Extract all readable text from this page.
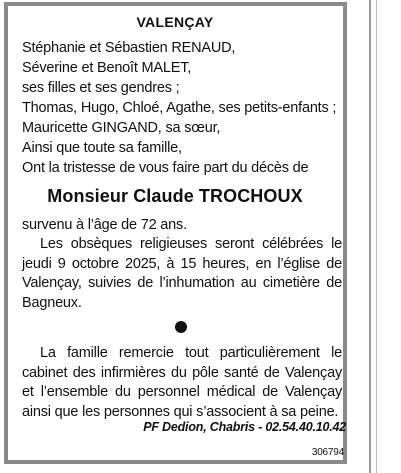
VALENÇAY
Stéphanie et Sébastien RENAUD,
Séverine et Benoît MALET,
ses filles et ses gendres ;
Thomas, Hugo, Chloé, Agathe, ses petits-enfants ;
Mauricette GINGAND, sa sœur,
Ainsi que toute sa famille,
Ont la tristesse de vous faire part du décès de
Monsieur Claude TROCHOUX
survenu à l’âge de 72 ans.
Les obsèques religieuses seront célébrées le jeudi 9 octobre 2025, à 15 heures, en l’église de Valençay, suivies de l’inhumation au cimetière de Bagneux.
La famille remercie tout particulièrement le cabinet des infirmières du pôle santé de Valençay et l’ensemble du personnel médical de Valençay ainsi que les personnes qui s’associent à sa peine.
PF Dedion, Chabris - 02.54.40.10.42
306794
